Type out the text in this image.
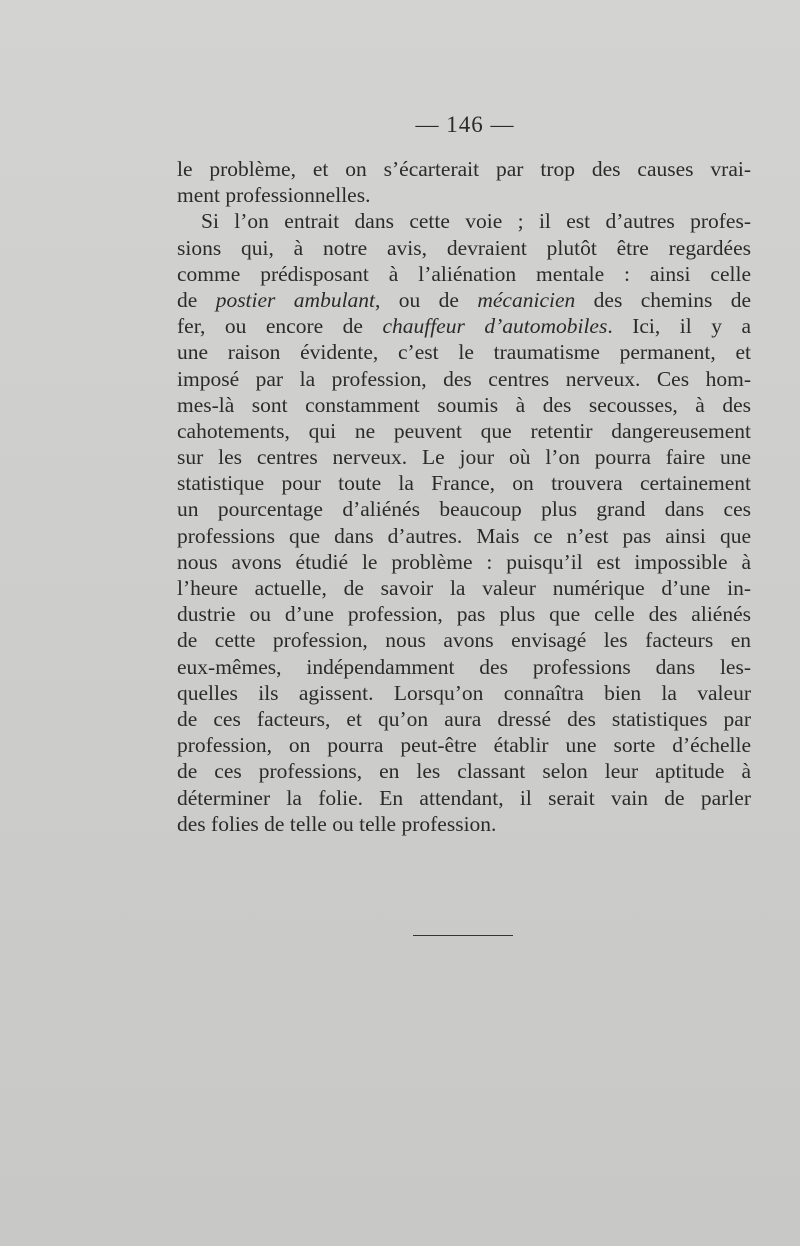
— 146 —
le problème, et on s’écarterait par trop des causes vrai-
ment professionnelles.
Si l’on entrait dans cette voie ; il est d’autres profes-
sions qui, à notre avis, devraient plutôt être regardées
comme prédisposant à l’aliénation mentale : ainsi celle
de postier ambulant, ou de mécanicien des chemins de
fer, ou encore de chauffeur d’automobiles. Ici, il y a
une raison évidente, c’est le traumatisme permanent, et
imposé par la profession, des centres nerveux. Ces hom-
mes-là sont constamment soumis à des secousses, à des
cahotements, qui ne peuvent que retentir dangereusement
sur les centres nerveux. Le jour où l’on pourra faire une
statistique pour toute la France, on trouvera certainement
un pourcentage d’aliénés beaucoup plus grand dans ces
professions que dans d’autres. Mais ce n’est pas ainsi que
nous avons étudié le problème : puisqu’il est impossible à
l’heure actuelle, de savoir la valeur numérique d’une in-
dustrie ou d’une profession, pas plus que celle des aliénés
de cette profession, nous avons envisagé les facteurs en
eux-mêmes, indépendamment des professions dans les-
quelles ils agissent. Lorsqu’on connaîtra bien la valeur
de ces facteurs, et qu’on aura dressé des statistiques par
profession, on pourra peut-être établir une sorte d’échelle
de ces professions, en les classant selon leur aptitude à
déterminer la folie. En attendant, il serait vain de parler
des folies de telle ou telle profession.
